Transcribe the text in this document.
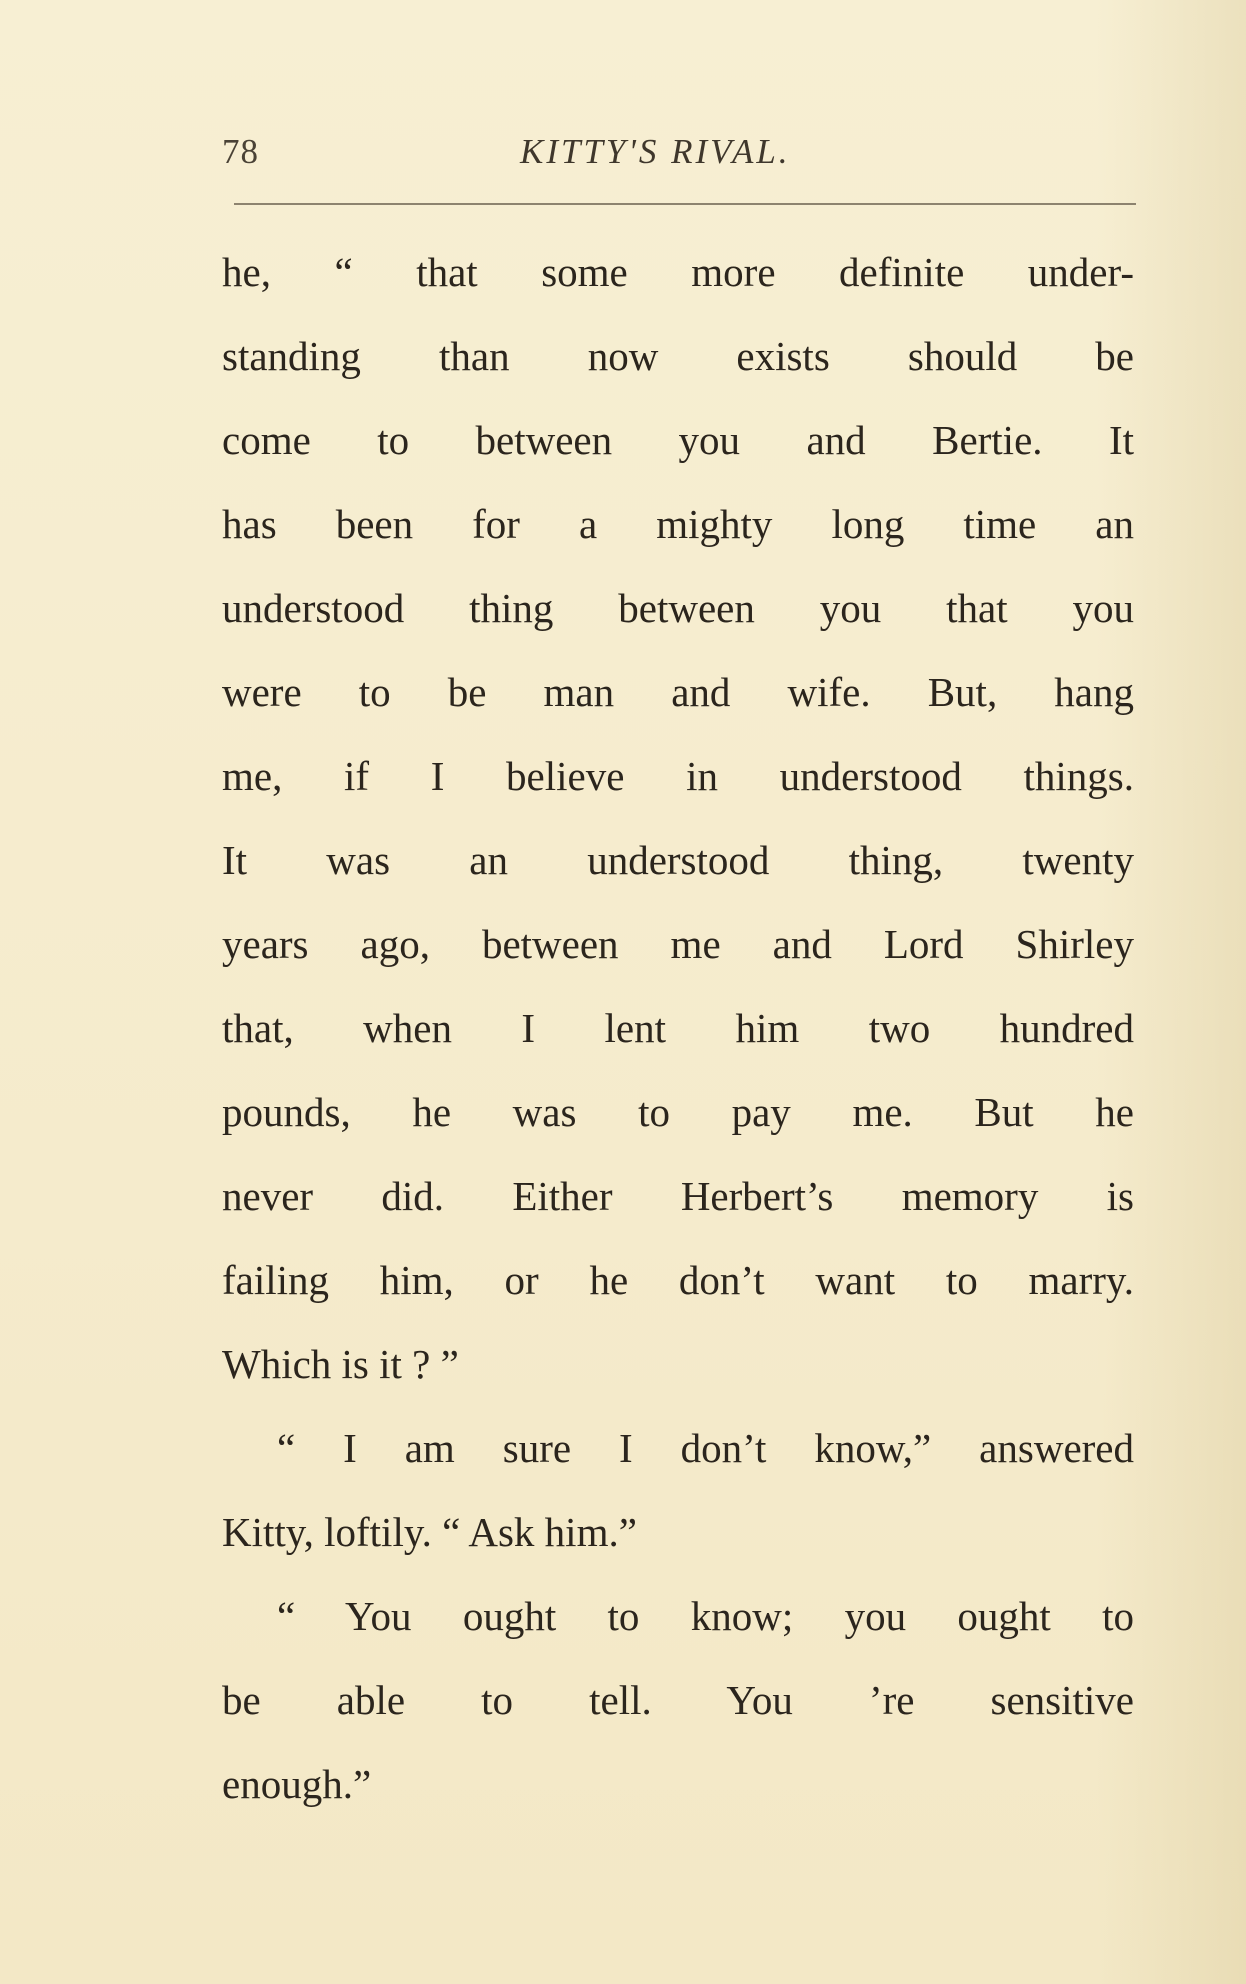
78	KITTY'S RIVAL.
he, “ that some more definite under-
standing than now exists should be
come to between you and Bertie. It
has been for a mighty long time an
understood thing between you that you
were to be man and wife. But, hang
me, if I believe in understood things.
It was an understood thing, twenty
years ago, between me and Lord Shirley
that, when I lent him two hundred
pounds, he was to pay me. But he
never did. Either Herbert’s memory is
failing him, or he don’t want to marry.
Which is it ? ”
“ I am sure I don’t know,” answered
Kitty, loftily. “ Ask him.”
“ You ought to know; you ought to
be able to tell. You ’re sensitive
enough.”
